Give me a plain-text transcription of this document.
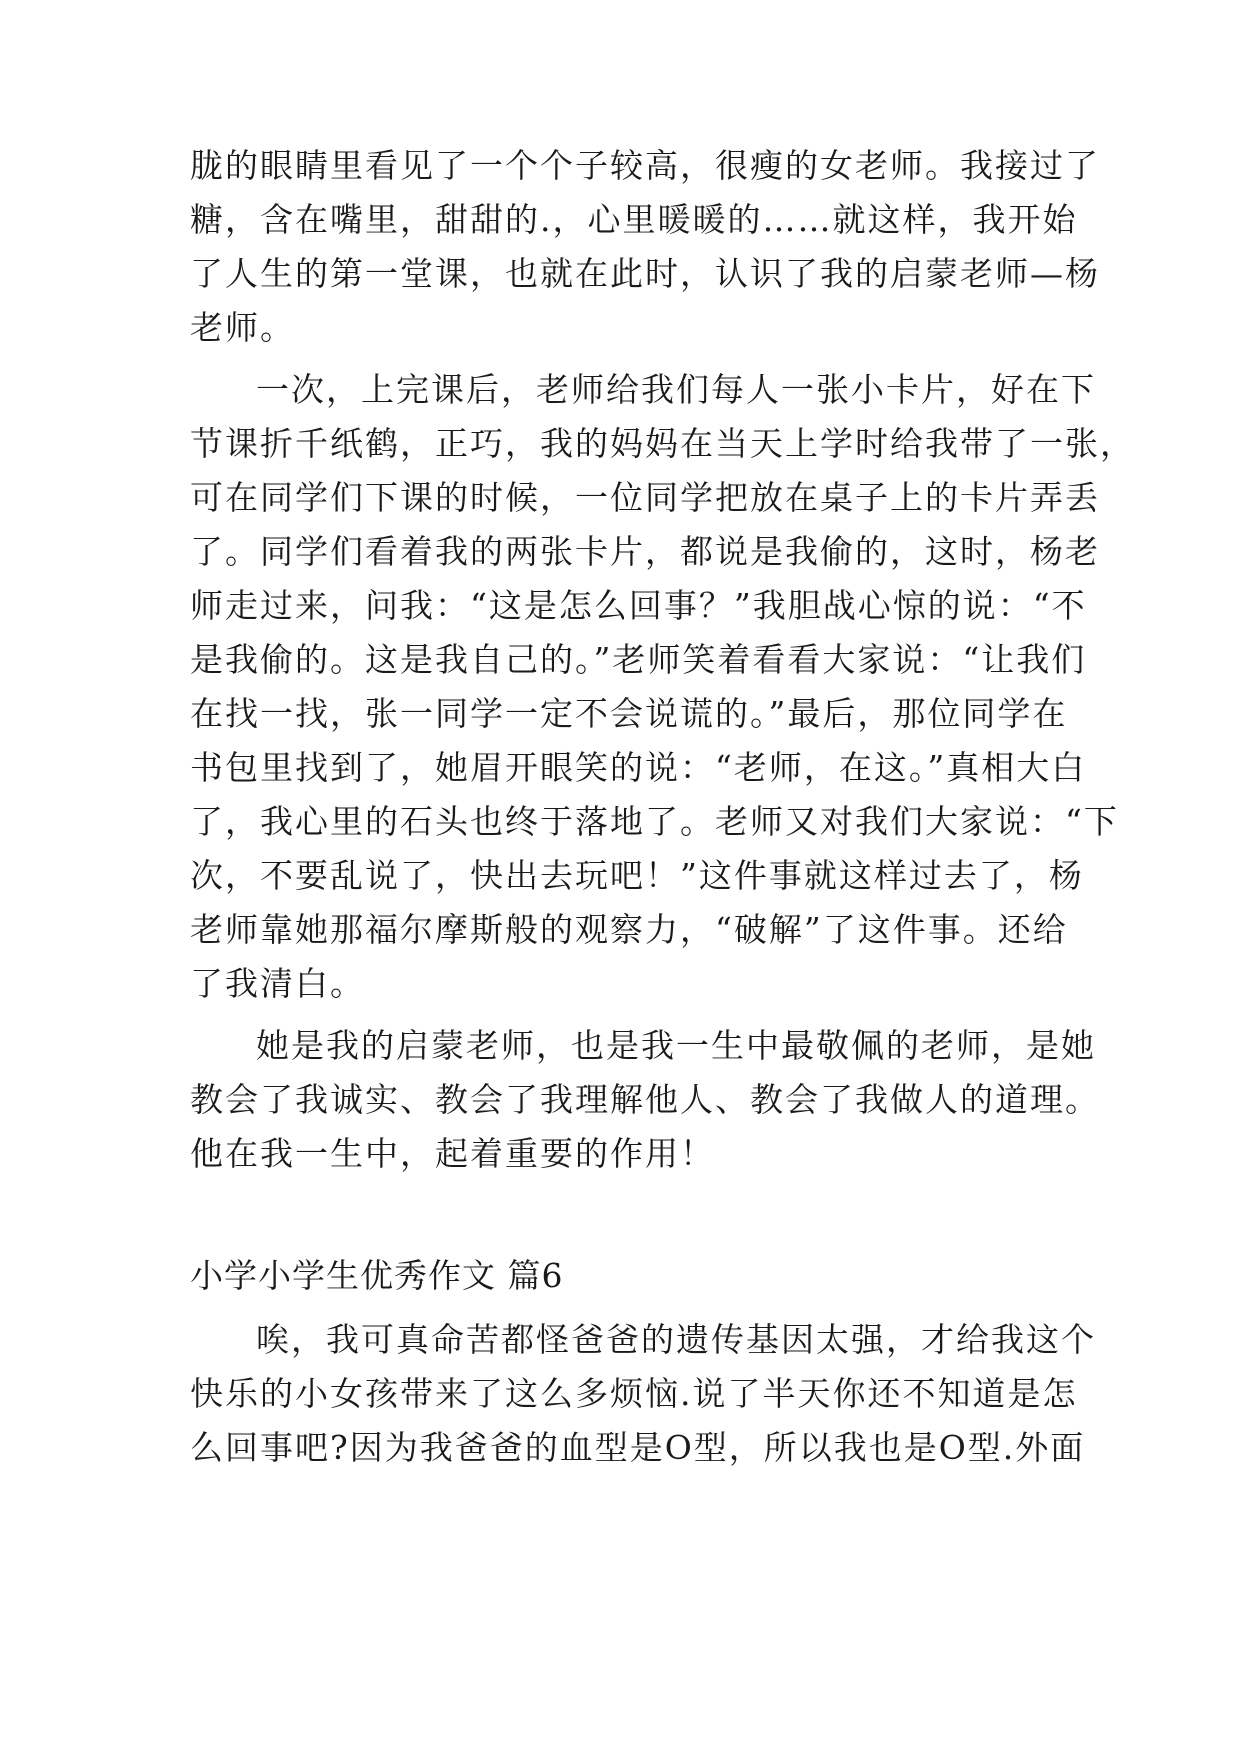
胧的眼睛里看见了一个个子较高，很瘦的女老师。我接过了
糖，含在嘴里，甜甜的.，心里暖暖的……就这样，我开始
了人生的第一堂课，也就在此时，认识了我的启蒙老师—杨
老师。
一次，上完课后，老师给我们每人一张小卡片，好在下
节课折千纸鹤，正巧，我的妈妈在当天上学时给我带了一张，
可在同学们下课的时候，一位同学把放在桌子上的卡片弄丢
了。同学们看着我的两张卡片，都说是我偷的，这时，杨老
师走过来，问我：“这是怎么回事？”我胆战心惊的说：“不
是我偷的。这是我自己的。”老师笑着看看大家说：“让我们
在找一找，张一同学一定不会说谎的。”最后，那位同学在
书包里找到了，她眉开眼笑的说：“老师，在这。”真相大白
了，我心里的石头也终于落地了。老师又对我们大家说：“下
次，不要乱说了，快出去玩吧！”这件事就这样过去了，杨
老师靠她那福尔摩斯般的观察力，“破解”了这件事。还给
了我清白。
她是我的启蒙老师，也是我一生中最敬佩的老师，是她
教会了我诚实、教会了我理解他人、教会了我做人的道理。
他在我一生中，起着重要的作用！
小学小学生优秀作文 篇6
唉，我可真命苦都怪爸爸的遗传基因太强，才给我这个
快乐的小女孩带来了这么多烦恼.说了半天你还不知道是怎
么回事吧?因为我爸爸的血型是O型，所以我也是O型.外面
